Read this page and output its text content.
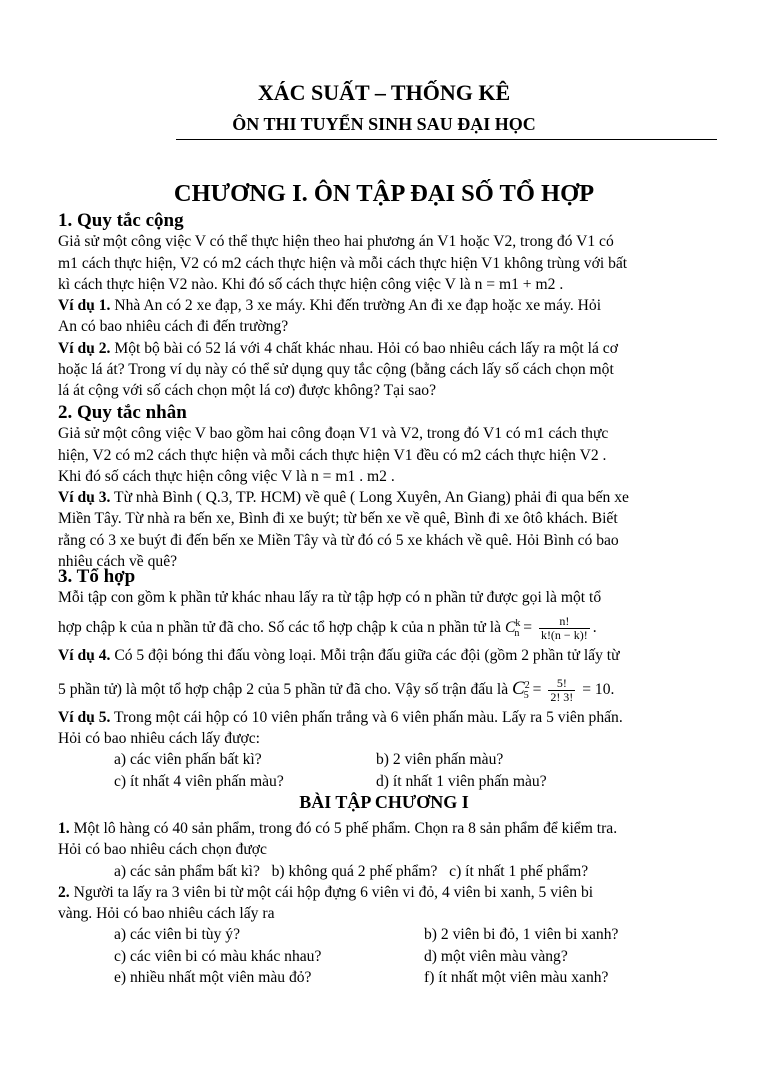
XÁC SUẤT – THỐNG KÊ
ÔN THI TUYỂN SINH SAU ĐẠI HỌC
CHƯƠNG I. ÔN TẬP ĐẠI SỐ TỔ HỢP
1. Quy tắc cộng
Giả sử một công việc V có thể thực hiện theo hai phương án V1 hoặc V2, trong đó V1 có
m1 cách thực hiện, V2 có m2 cách thực hiện và mỗi cách thực hiện V1 không trùng với bất
kì cách thực hiện V2 nào. Khi đó số cách thực hiện công việc V là n = m1 + m2 .
Ví dụ 1. Nhà An có 2 xe đạp, 3 xe máy. Khi đến trường An đi xe đạp hoặc xe máy. Hỏi
An có bao nhiêu cách đi đến trường?
Ví dụ 2. Một bộ bài có 52 lá với 4 chất khác nhau. Hỏi có bao nhiêu cách lấy ra một lá cơ
hoặc lá át? Trong ví dụ này có thể sử dụng quy tắc cộng (bằng cách lấy số cách chọn một
lá át cộng với số cách chọn một lá cơ) được không? Tại sao?
2. Quy tắc nhân
Giả sử một công việc V bao gồm hai công đoạn V1 và V2, trong đó V1 có m1 cách thực
hiện, V2 có m2 cách thực hiện và mỗi cách thực hiện V1 đều có m2 cách thực hiện V2 .
Khi đó số cách thực hiện công việc V là n = m1 . m2 .
Ví dụ 3. Từ nhà Bình ( Q.3, TP. HCM) về quê ( Long Xuyên, An Giang) phải đi qua bến xe
Miền Tây. Từ nhà ra bến xe, Bình đi xe buýt; từ bến xe về quê, Bình đi xe ôtô khách. Biết
rằng có 3 xe buýt đi đến bến xe Miền Tây và từ đó có 5 xe khách về quê. Hỏi Bình có bao
nhiêu cách về quê?
3. Tổ hợp
Mỗi tập con gồm k phần tử khác nhau lấy ra từ tập hợp có n phần tử được gọi là một tổ
hợp chập k của n phần tử đã cho. Số các tổ hợp chập k của n phần tử là $C^k_n = \frac{n!}{k!(n - k)!}$ .
Ví dụ 4. Có 5 đội bóng thi đấu vòng loại. Mỗi trận đấu giữa các đội (gồm 2 phần tử lấy từ
5 phần tử) là một tổ hợp chập 2 của 5 phần tử đã cho. Vậy số trận đấu là $C^2_5 = \frac{5!}{2! 3!} = 10$.
Ví dụ 5. Trong một cái hộp có 10 viên phấn trắng và 6 viên phấn màu. Lấy ra 5 viên phấn.
Hỏi có bao nhiêu cách lấy được:
a) các viên phấn bất kì?	b) 2 viên phấn màu?
c) ít nhất 4 viên phấn màu?	d) ít nhất 1 viên phấn màu?
BÀI TẬP CHƯƠNG I
1. Một lô hàng có 40 sản phẩm, trong đó có 5 phế phẩm. Chọn ra 8 sản phẩm để kiểm tra.
Hỏi có bao nhiêu cách chọn được
a) các sản phẩm bất kì?   b) không quá 2 phế phẩm?   c) ít nhất 1 phế phẩm?
2. Người ta lấy ra 3 viên bi từ một cái hộp đựng 6 viên vi đỏ, 4 viên bi xanh, 5 viên bi
vàng. Hỏi có bao nhiêu cách lấy ra
a) các viên bi tùy ý?	b) 2 viên bi đỏ, 1 viên bi xanh?
c) các viên bi có màu khác nhau?	d) một viên màu vàng?
e) nhiều nhất một viên màu đỏ?	f) ít nhất một viên màu xanh?
